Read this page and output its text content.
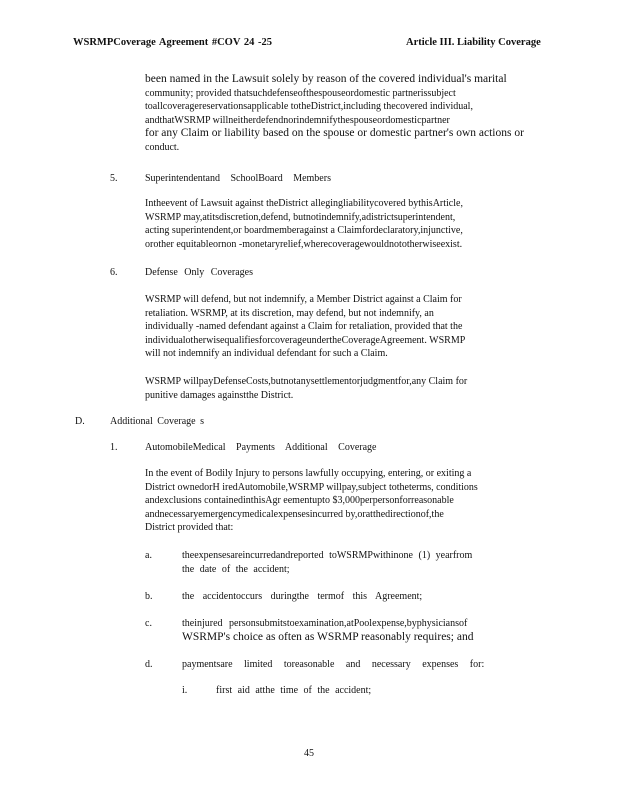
WSRMPCoverage Agreement #COV 24 -25	Article III. Liability Coverage
been named in the Lawsuit solely by reason of the covered individual's marital
community; provided thatsuchdefenseofthespouseordomestic partnerissubject
toallcoveragereservationsapplicable totheDistrict,including thecovered individual,
andthatWSRMP willneitherdefendnorindemnifythespouseordomesticpartner
for any Claim or liability based on the spouse or domestic partner's own actions or
conduct.
5.	Superintendentand SchoolBoard Members
Intheevent of Lawsuit against theDistrict allegingliabilitycovered bythisArticle,
WSRMP may,atitsdiscretion,defend, butnotindemnify,adistrictsuperintendent,
acting superintendent,or boardmemberagainst a Claimfordeclaratory,injunctive,
orother equitableornon -monetaryrelief,wherecoveragewouldnototherwiseexist.
6.	Defense Only Coverages
WSRMP will defend, but not indemnify, a Member District against a Claim for
retaliation. WSRMP, at its discretion, may defend, but not indemnify, an
individually -named defendant against a Claim for retaliation, provided that the
individualotherwisequalifiesforcoverageundertheCoverageAgreement. WSRMP
will not indemnify an individual defendant for such a Claim.
WSRMP willpayDefenseCosts,butnotanysettlementorjudgmentfor,any Claim for
punitive damages againstthe District.
D.	Additional Coverage s
1.	AutomobileMedical Payments Additional Coverage
In the event of Bodily Injury to persons lawfully occupying, entering, or exiting a
District ownedorH iredAutomobile,WSRMP willpay,subject totheterms, conditions
andexclusions containedinthisAgr eementupto $3,000perpersonforreasonable
andnecessaryemergencymedicalexpensesincurred by,oratthedirectionof,the
District provided that:
a.	theexpensesareincurredandreported toWSRMPwithinone (1) yearfrom
the date of the accident;
b.	the accidentoccurs duringthe termof this Agreement;
c.	theinjured personsubmitstoexamination,atPoolexpense,byphysiciansof
WSRMP's choice as often as WSRMP reasonably requires; and
d.	paymentsare limited toreasonable and necessary expenses for:
i.	first aid atthe time of the accident;
45
